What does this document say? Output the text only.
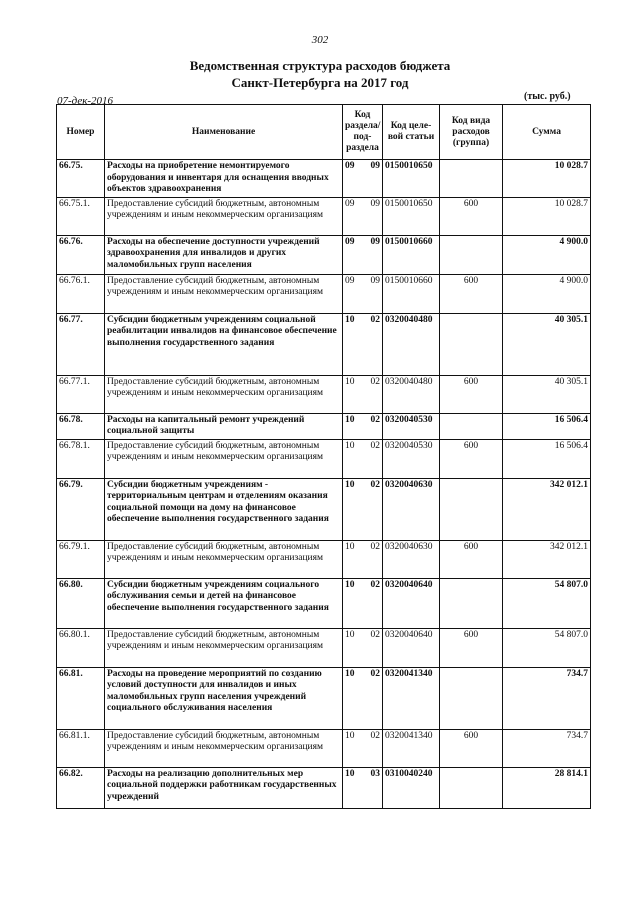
302
Ведомственная структура расходов бюджета
Санкт-Петербурга на 2017 год
07-дек-2016	(тыс. руб.)
Номер	Наименование	Код раздела/ под-раздела		Код целе-вой статьи	Код вида расходов (группа)	Сумма
66.75.	Расходы на приобретение немонтируемого оборудования и инвентаря для оснащения вводных объектов здравоохранения	09	09	0150010650		10 028.7
66.75.1.	Предоставление субсидий бюджетным, автономным учреждениям и иным некоммерческим организациям	09	09	0150010650	600	10 028.7
66.76.	Расходы на обеспечение доступности учреждений здравоохранения для инвалидов и других маломобильных групп населения	09	09	0150010660		4 900.0
66.76.1.	Предоставление субсидий бюджетным, автономным учреждениям и иным некоммерческим организациям	09	09	0150010660	600	4 900.0
66.77.	Субсидии бюджетным учреждениям социальной реабилитации инвалидов на финансовое обеспечение выполнения государственного задания	10	02	0320040480		40 305.1
66.77.1.	Предоставление субсидий бюджетным, автономным учреждениям и иным некоммерческим организациям	10	02	0320040480	600	40 305.1
66.78.	Расходы на капитальный ремонт учреждений социальной защиты	10	02	0320040530		16 506.4
66.78.1.	Предоставление субсидий бюджетным, автономным учреждениям и иным некоммерческим организациям	10	02	0320040530	600	16 506.4
66.79.	Субсидии бюджетным учреждениям - территориальным центрам и отделениям оказания социальной помощи на дому на финансовое обеспечение выполнения государственного задания	10	02	0320040630		342 012.1
66.79.1.	Предоставление субсидий бюджетным, автономным учреждениям и иным некоммерческим организациям	10	02	0320040630	600	342 012.1
66.80.	Субсидии бюджетным учреждениям социального обслуживания семьи и детей на финансовое обеспечение выполнения государственного задания	10	02	0320040640		54 807.0
66.80.1.	Предоставление субсидий бюджетным, автономным учреждениям и иным некоммерческим организациям	10	02	0320040640	600	54 807.0
66.81.	Расходы на проведение мероприятий по созданию условий доступности для инвалидов и иных маломобильных групп населения учреждений социального обслуживания населения	10	02	0320041340		734.7
66.81.1.	Предоставление субсидий бюджетным, автономным учреждениям и иным некоммерческим организациям	10	02	0320041340	600	734.7
66.82.	Расходы на реализацию дополнительных мер социальной поддержки работникам государственных учреждений	10	03	0310040240		28 814.1
